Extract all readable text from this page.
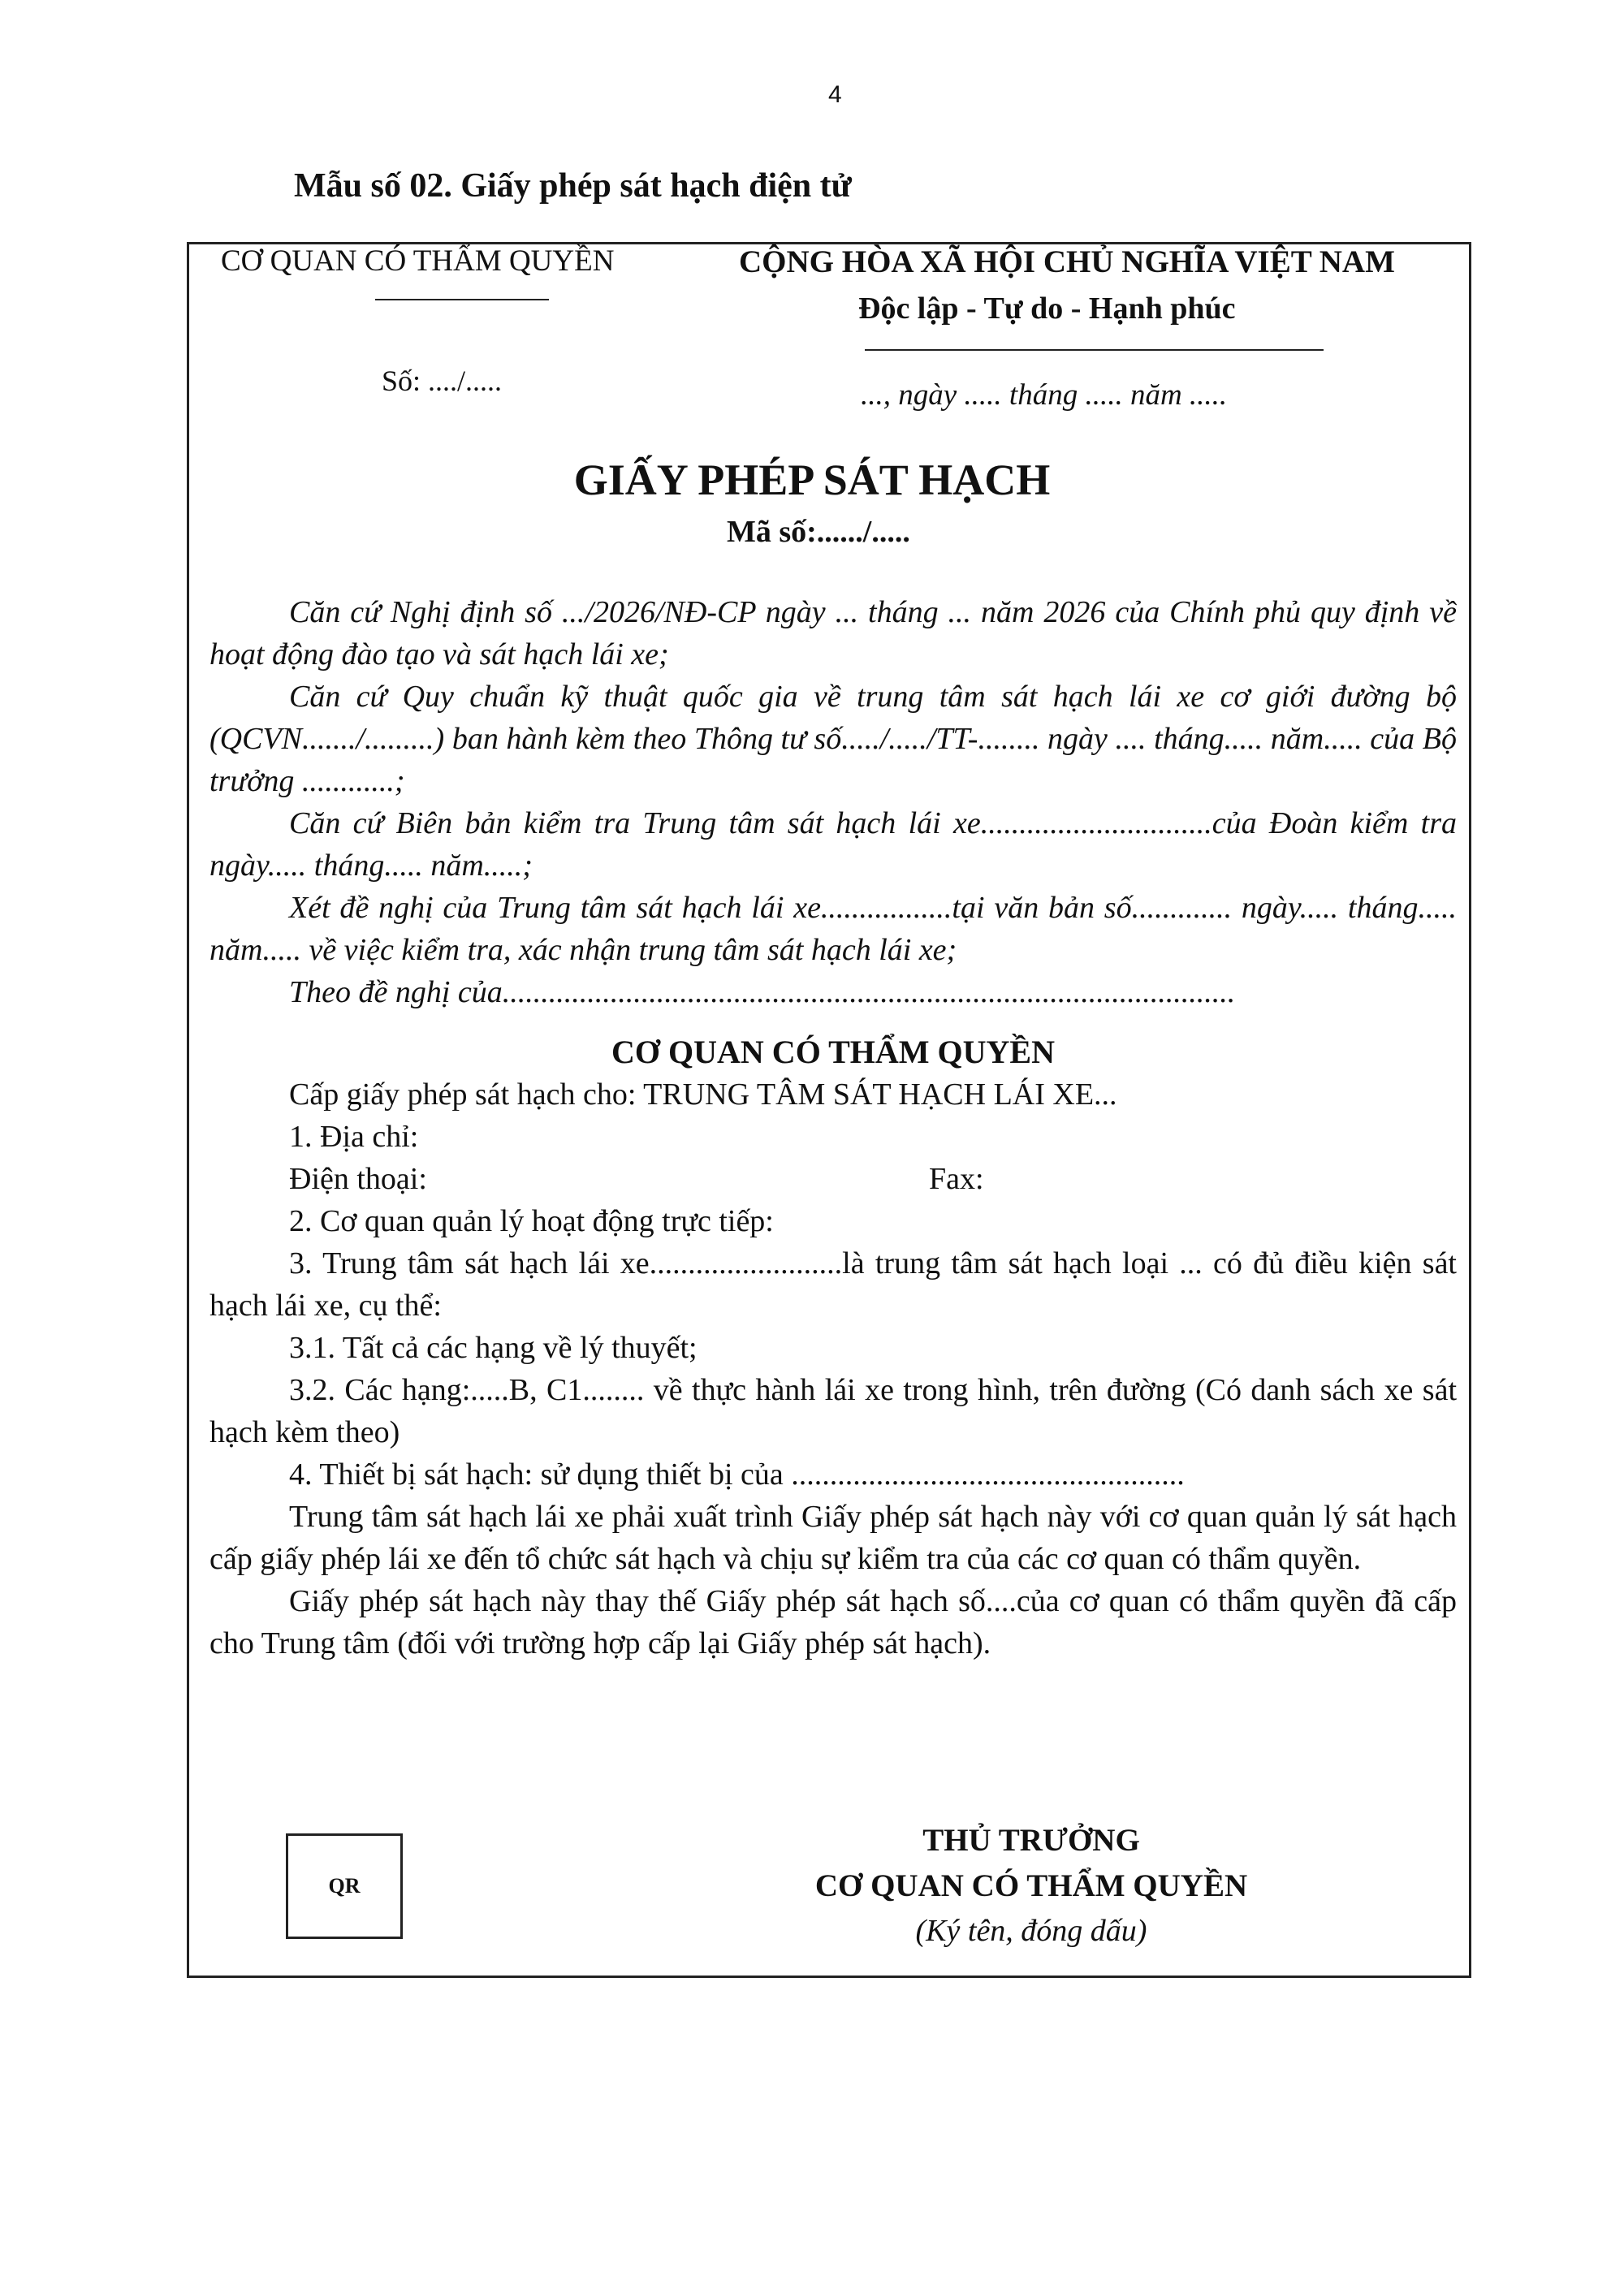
4
Mẫu số 02. Giấy phép sát hạch điện tử
CƠ QUAN CÓ THẨM QUYỀN	CỘNG HÒA XÃ HỘI CHỦ NGHĨA VIỆT NAM
Độc lập - Tự do - Hạnh phúc
Số: ..../.....	..., ngày ..... tháng ..... năm .....
GIẤY PHÉP SÁT HẠCH
Mã số:....../.....

Căn cứ Nghị định số .../2026/NĐ-CP ngày ... tháng ... năm 2026 của Chính phủ quy định về hoạt động đào tạo và sát hạch lái xe;

Căn cứ Quy chuẩn kỹ thuật quốc gia về trung tâm sát hạch lái xe cơ giới đường bộ (QCVN......./.........) ban hành kèm theo Thông tư số...../...../TT-........ ngày .... tháng..... năm..... của Bộ trưởng ............;

Căn cứ Biên bản kiểm tra Trung tâm sát hạch lái xe..............................của Đoàn kiểm tra ngày..... tháng..... năm.....;

Xét đề nghị của Trung tâm sát hạch lái xe.................tại văn bản số............. ngày..... tháng..... năm..... về việc kiểm tra, xác nhận trung tâm sát hạch lái xe;

Theo đề nghị của...............................................................................................

CƠ QUAN CÓ THẨM QUYỀN

Cấp giấy phép sát hạch cho: TRUNG TÂM SÁT HẠCH LÁI XE...

1. Địa chỉ:

Điện thoại:	Fax:

2. Cơ quan quản lý hoạt động trực tiếp:

3. Trung tâm sát hạch lái xe.........................là trung tâm sát hạch loại ... có đủ điều kiện sát hạch lái xe, cụ thể:

3.1. Tất cả các hạng về lý thuyết;

3.2. Các hạng:.....B, C1........ về thực hành lái xe trong hình, trên đường (Có danh sách xe sát hạch kèm theo)

4. Thiết bị sát hạch: sử dụng thiết bị của ...................................................

Trung tâm sát hạch lái xe phải xuất trình Giấy phép sát hạch này với cơ quan quản lý sát hạch cấp giấy phép lái xe đến tổ chức sát hạch và chịu sự kiểm tra của các cơ quan có thẩm quyền.

Giấy phép sát hạch này thay thế Giấy phép sát hạch số....của cơ quan có thẩm quyền đã cấp cho Trung tâm (đối với trường hợp cấp lại Giấy phép sát hạch).

QR
THỦ TRƯỞNG
CƠ QUAN CÓ THẨM QUYỀN
(Ký tên, đóng dấu)
